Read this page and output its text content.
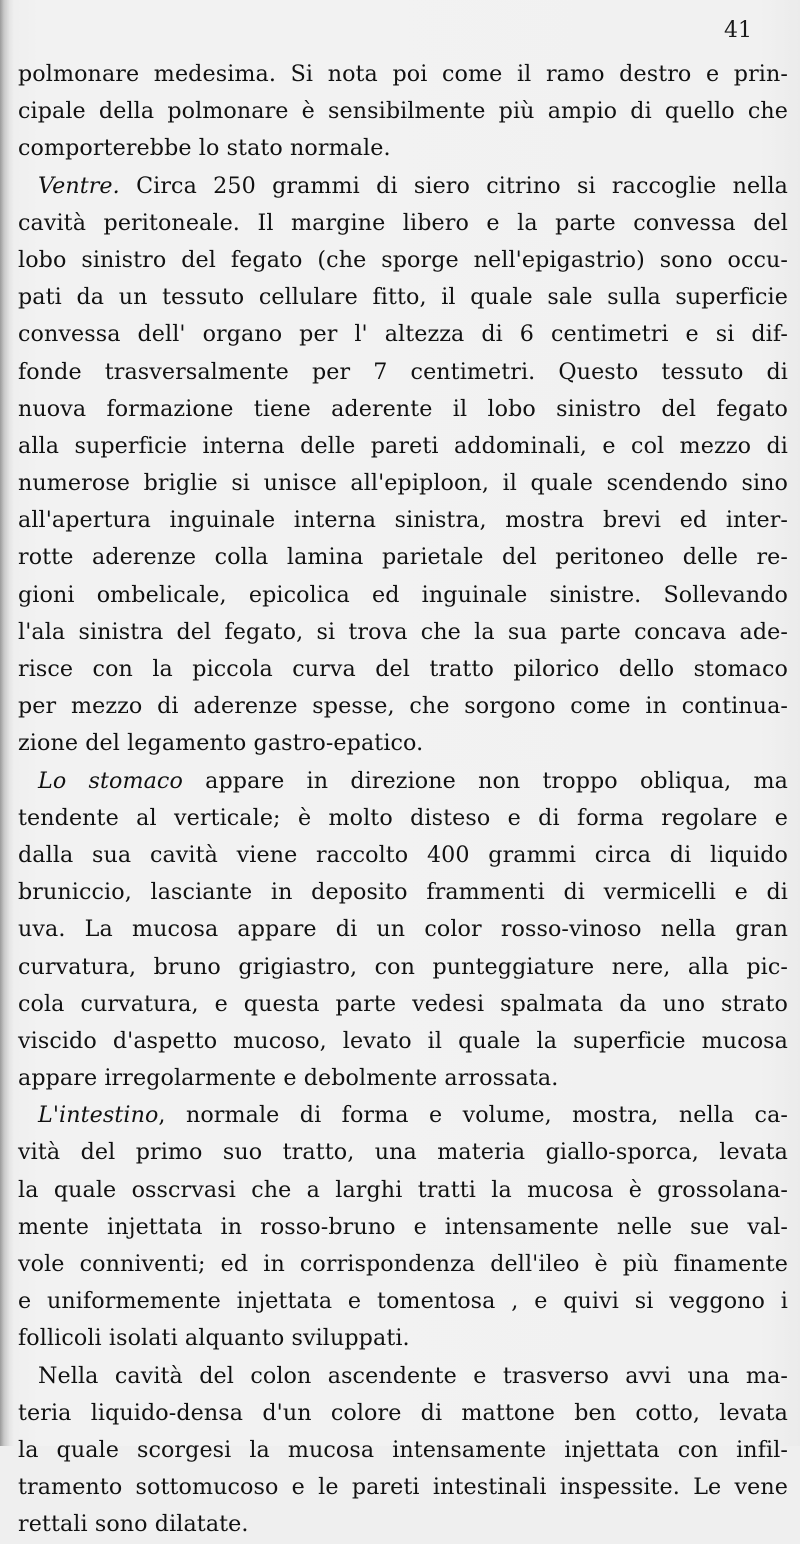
41
polmonare medesima. Si nota poi come il ramo destro e prin-
cipale della polmonare è sensibilmente più ampio di quello che
comporterebbe lo stato normale.
Ventre. Circa 250 grammi di siero citrino si raccoglie nella
cavità peritoneale. Il margine libero e la parte convessa del
lobo sinistro del fegato (che sporge nell'epigastrio) sono occu-
pati da un tessuto cellulare fitto, il quale sale sulla superficie
convessa dell' organo per l' altezza di 6 centimetri e si dif-
fonde trasversalmente per 7 centimetri. Questo tessuto di
nuova formazione tiene aderente il lobo sinistro del fegato
alla superficie interna delle pareti addominali, e col mezzo di
numerose briglie si unisce all'epiploon, il quale scendendo sino
all'apertura inguinale interna sinistra, mostra brevi ed inter-
rotte aderenze colla lamina parietale del peritoneo delle re-
gioni ombelicale, epicolica ed inguinale sinistre. Sollevando
l'ala sinistra del fegato, si trova che la sua parte concava ade-
risce con la piccola curva del tratto pilorico dello stomaco
per mezzo di aderenze spesse, che sorgono come in continua-
zione del legamento gastro-epatico.
Lo stomaco appare in direzione non troppo obliqua, ma
tendente al verticale; è molto disteso e di forma regolare e
dalla sua cavità viene raccolto 400 grammi circa di liquido
bruniccio, lasciante in deposito frammenti di vermicelli e di
uva. La mucosa appare di un color rosso-vinoso nella gran
curvatura, bruno grigiastro, con punteggiature nere, alla pic-
cola curvatura, e questa parte vedesi spalmata da uno strato
viscido d'aspetto mucoso, levato il quale la superficie mucosa
appare irregolarmente e debolmente arrossata.
L'intestino, normale di forma e volume, mostra, nella ca-
vità del primo suo tratto, una materia giallo-sporca, levata
la quale osscrvasi che a larghi tratti la mucosa è grossolana-
mente injettata in rosso-bruno e intensamente nelle sue val-
vole conniventi; ed in corrispondenza dell'ileo è più finamente
e uniformemente injettata e tomentosa , e quivi si veggono i
follicoli isolati alquanto sviluppati.
Nella cavità del colon ascendente e trasverso avvi una ma-
teria liquido-densa d'un colore di mattone ben cotto, levata
la quale scorgesi la mucosa intensamente injettata con infil-
tramento sottomucoso e le pareti intestinali inspessite. Le vene
rettali sono dilatate.
